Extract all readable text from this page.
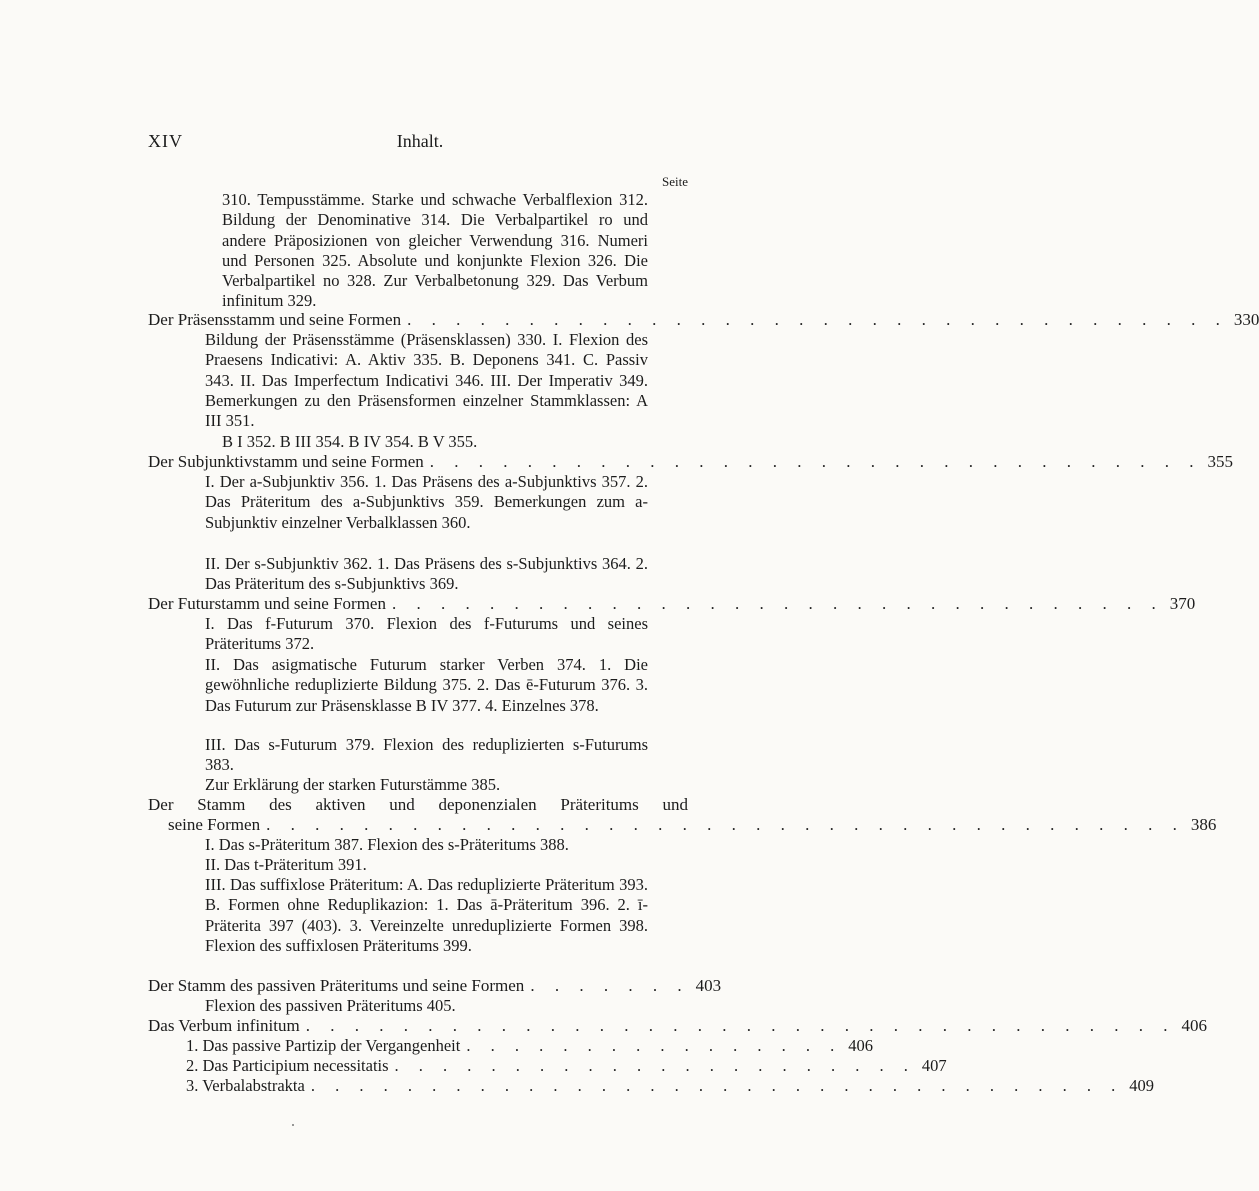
XIV	Inhalt.
Seite
310. Tempusstämme. Starke und schwache Verbalflexion 312. Bildung der Denominative 314. Die Verbalpartikel ro und andere Präposizionen von gleicher Verwendung 316. Numeri und Personen 325. Absolute und konjunkte Flexion 326. Die Verbalpartikel no 328. Zur Verbalbetonung 329. Das Verbum infinitum 329.
Der Präsensstamm und seine Formen . . . . . . . . . . . . . . . . . . . . . . . . . . . . . . . . . . 330
Bildung der Präsensstämme (Präsensklassen) 330. I. Flexion des Praesens Indicativi: A. Aktiv 335. B. Deponens 341. C. Passiv 343. II. Das Imperfectum Indicativi 346. III. Der Imperativ 349. Bemerkungen zu den Präsensformen einzelner Stammklassen: A III 351.
B I 352. B III 354. B IV 354. B V 355.
Der Subjunktivstamm und seine Formen . . . . . . . . . . . . . . . . . . . . . . . . . . . . . . . . 355
I. Der a-Subjunktiv 356. 1. Das Präsens des a-Subjunktivs 357. 2. Das Präteritum des a-Subjunktivs 359. Bemerkungen zum a-Subjunktiv einzelner Verbalklassen 360.
II. Der s-Subjunktiv 362. 1. Das Präsens des s-Subjunktivs 364. 2. Das Präteritum des s-Subjunktivs 369.
Der Futurstamm und seine Formen . . . . . . . . . . . . . . . . . . . . . . . . . . . . . . . . 370
I. Das f-Futurum 370. Flexion des f-Futurums und seines Präteritums 372.
II. Das asigmatische Futurum starker Verben 374. 1. Die gewöhnliche reduplizierte Bildung 375. 2. Das ē-Futurum 376. 3. Das Futurum zur Präsensklasse B IV 377. 4. Einzelnes 378.
III. Das s-Futurum 379. Flexion des reduplizierten s-Futurums 383.
Zur Erklärung der starken Futurstämme 385.
Der Stamm des aktiven und deponenzialen Präteritums und
seine Formen . . . . . . . . . . . . . . . . . . . . . . . . . . . . . . . . . . . . . . 386
I. Das s-Präteritum 387. Flexion des s-Präteritums 388.
II. Das t-Präteritum 391.
III. Das suffixlose Präteritum: A. Das reduplizierte Präteritum 393. B. Formen ohne Reduplikazion: 1. Das ā-Präteritum 396. 2. ī-Präterita 397 (403). 3. Vereinzelte unreduplizierte Formen 398. Flexion des suffixlosen Präteritums 399.
Der Stamm des passiven Präteritums und seine Formen . . . . . . . 403
Flexion des passiven Präteritums 405.
Das Verbum infinitum . . . . . . . . . . . . . . . . . . . . . . . . . . . . . . . . . . . . 406
1. Das passive Partizip der Vergangenheit . . . . . . . . . . . . . . . . 406
2. Das Participium necessitatis . . . . . . . . . . . . . . . . . . . . . . 407
3. Verbalabstrakta . . . . . . . . . . . . . . . . . . . . . . . . . . . . . . . . . . 409
